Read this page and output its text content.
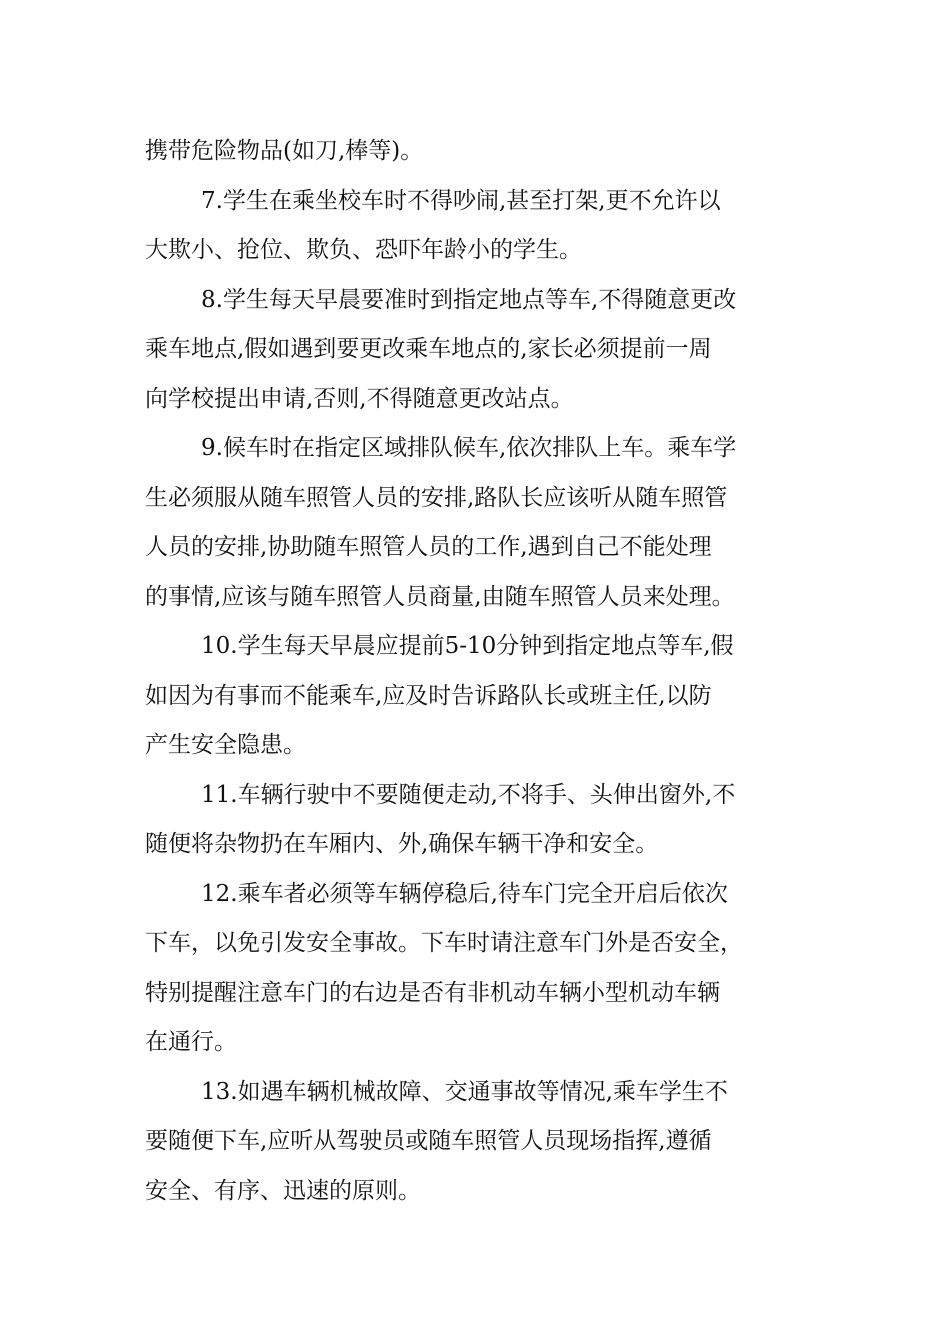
携带危险物品(如刀,棒等)。
7.学生在乘坐校车时不得吵闹,甚至打架,更不允许以
大欺小、抢位、欺负、恐吓年龄小的学生。
8.学生每天早晨要准时到指定地点等车,不得随意更改
乘车地点,假如遇到要更改乘车地点的,家长必须提前一周
向学校提出申请,否则,不得随意更改站点。
9.候车时在指定区域排队候车,依次排队上车。乘车学
生必须服从随车照管人员的安排,路队长应该听从随车照管
人员的安排,协助随车照管人员的工作,遇到自己不能处理
的事情,应该与随车照管人员商量,由随车照管人员来处理。
10.学生每天早晨应提前5-10分钟到指定地点等车,假
如因为有事而不能乘车,应及时告诉路队长或班主任,以防
产生安全隐患。
11.车辆行驶中不要随便走动,不将手、头伸出窗外,不
随便将杂物扔在车厢内、外,确保车辆干净和安全。
12.乘车者必须等车辆停稳后,待车门完全开启后依次
下车，以免引发安全事故。下车时请注意车门外是否安全，
特别提醒注意车门的右边是否有非机动车辆小型机动车辆
在通行。
13.如遇车辆机械故障、交通事故等情况,乘车学生不
要随便下车,应听从驾驶员或随车照管人员现场指挥,遵循
安全、有序、迅速的原则。
